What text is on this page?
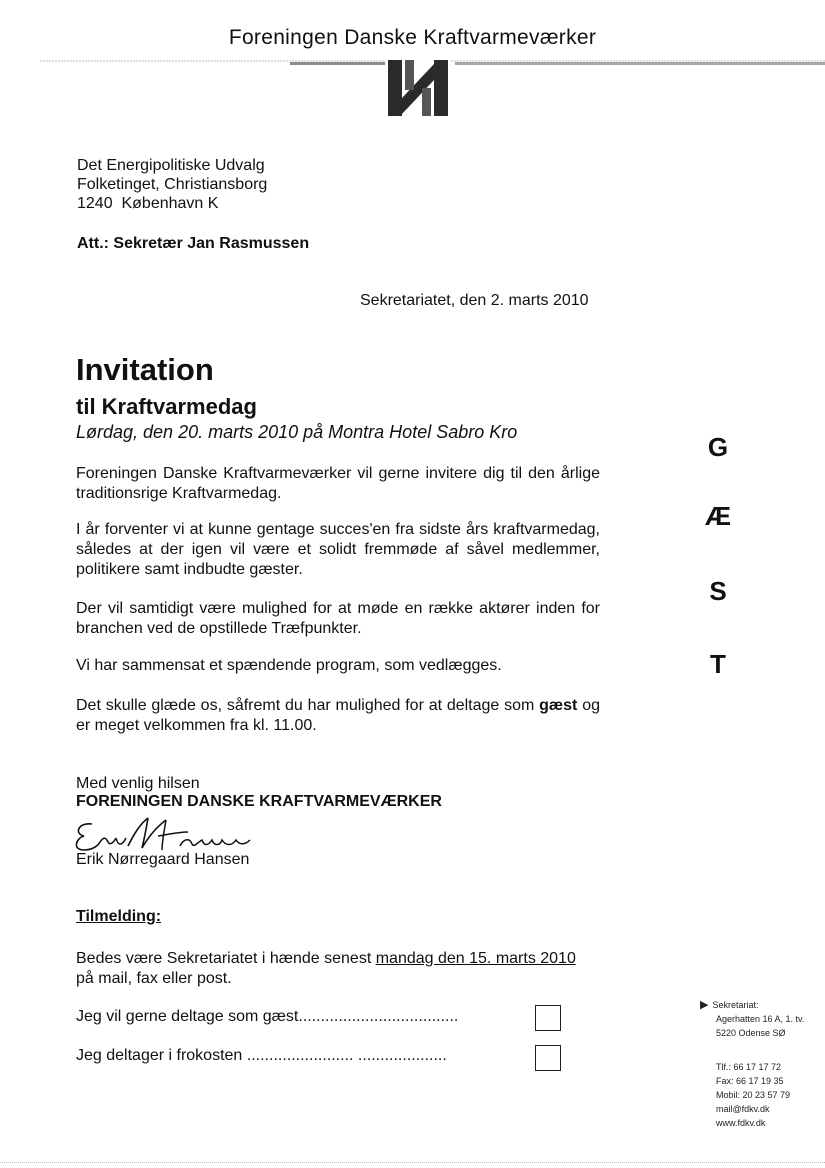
Foreningen Danske Kraftvarmeværker
Det Energipolitiske Udvalg
Folketinget, Christiansborg
1240  København K
Att.: Sekretær Jan Rasmussen
Sekretariatet, den 2. marts 2010
Invitation
til Kraftvarmedag
Lørdag, den 20. marts 2010 på Montra Hotel Sabro Kro
Foreningen Danske Kraftvarmeværker vil gerne invitere dig til den årlige traditionsrige Kraftvarmedag.
I år forventer vi at kunne gentage succes'en fra sidste års kraftvarmedag, således at der igen vil være et solidt fremmøde af såvel medlemmer, politikere samt indbudte gæster.
Der vil samtidigt være mulighed for at møde en række aktører inden for branchen ved de opstillede Træfpunkter.
Vi har sammensat et spændende program, som vedlægges.
Det skulle glæde os, såfremt du har mulighed for at deltage som gæst og er meget velkommen fra kl. 11.00.
Med venlig hilsen
FORENINGEN DANSKE KRAFTVARMEVÆRKER
Erik Nørregaard Hansen
Tilmelding:
Bedes være Sekretariatet i hænde senest mandag den 15. marts 2010 på mail, fax eller post.
Jeg vil gerne deltage som gæst....................................
Jeg deltager i frokosten ........................ ....................
G
Æ
S
T
▶ Sekretariat:
Agerhatten 16 A, 1. tv.
5220 Odense SØ
Tlf.: 66 17 17 72
Fax: 66 17 19 35
Mobil: 20 23 57 79
mail@fdkv.dk
www.fdkv.dk
